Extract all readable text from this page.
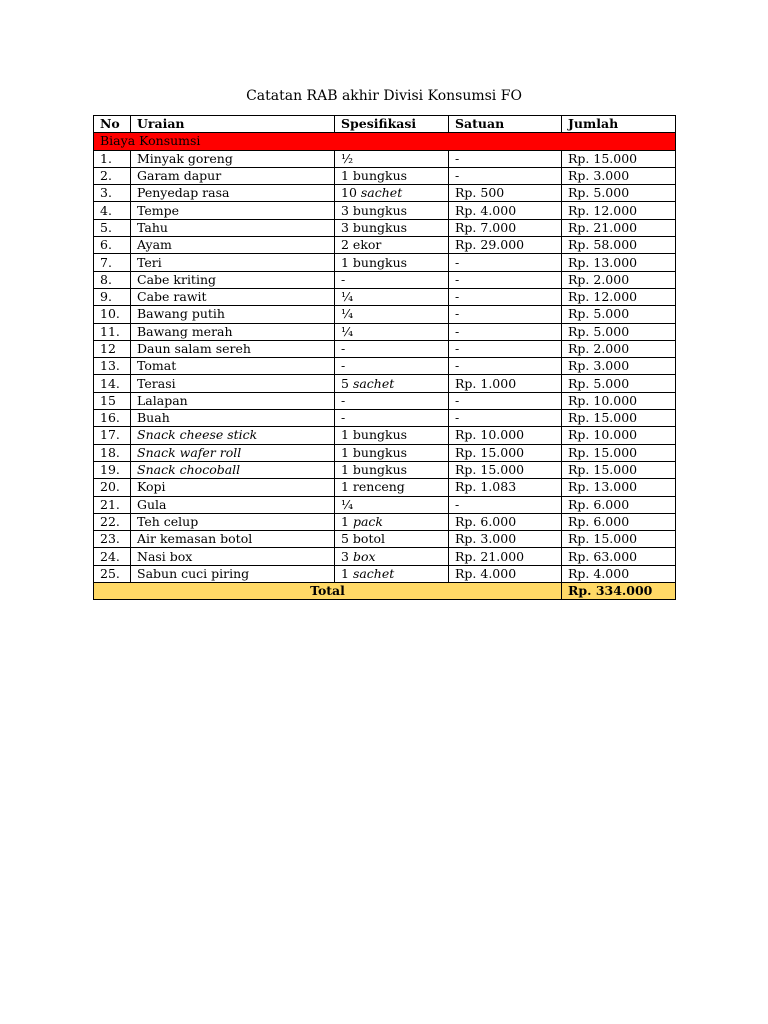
Catatan RAB akhir Divisi Konsumsi FO
No	Uraian	Spesifikasi	Satuan	Jumlah
Biaya Konsumsi				
1.	Minyak goreng	½	-	Rp. 15.000
2.	Garam dapur	1 bungkus	-	Rp. 3.000
3.	Penyedap rasa	10 sachet	Rp. 500	Rp. 5.000
4.	Tempe	3 bungkus	Rp. 4.000	Rp. 12.000
5.	Tahu	3 bungkus	Rp. 7.000	Rp. 21.000
6.	Ayam	2 ekor	Rp. 29.000	Rp. 58.000
7.	Teri	1 bungkus	-	Rp. 13.000
8.	Cabe kriting	-	-	Rp. 2.000
9.	Cabe rawit	¼	-	Rp. 12.000
10.	Bawang putih	¼	-	Rp. 5.000
11.	Bawang merah	¼	-	Rp. 5.000
12	Daun salam sereh	-	-	Rp. 2.000
13.	Tomat	-	-	Rp. 3.000
14.	Terasi	5 sachet	Rp. 1.000	Rp. 5.000
15	Lalapan	-	-	Rp. 10.000
16.	Buah	-	-	Rp. 15.000
17.	Snack cheese stick	1 bungkus	Rp. 10.000	Rp. 10.000
18.	Snack wafer roll	1 bungkus	Rp. 15.000	Rp. 15.000
19.	Snack chocoball	1 bungkus	Rp. 15.000	Rp. 15.000
20.	Kopi	1 renceng	Rp. 1.083	Rp. 13.000
21.	Gula	¼	-	Rp. 6.000
22.	Teh celup	1 pack	Rp. 6.000	Rp. 6.000
23.	Air kemasan botol	5 botol	Rp. 3.000	Rp. 15.000
24.	Nasi box	3 box	Rp. 21.000	Rp. 63.000
25.	Sabun cuci piring	1 sachet	Rp. 4.000	Rp. 4.000
Total				Rp. 334.000
